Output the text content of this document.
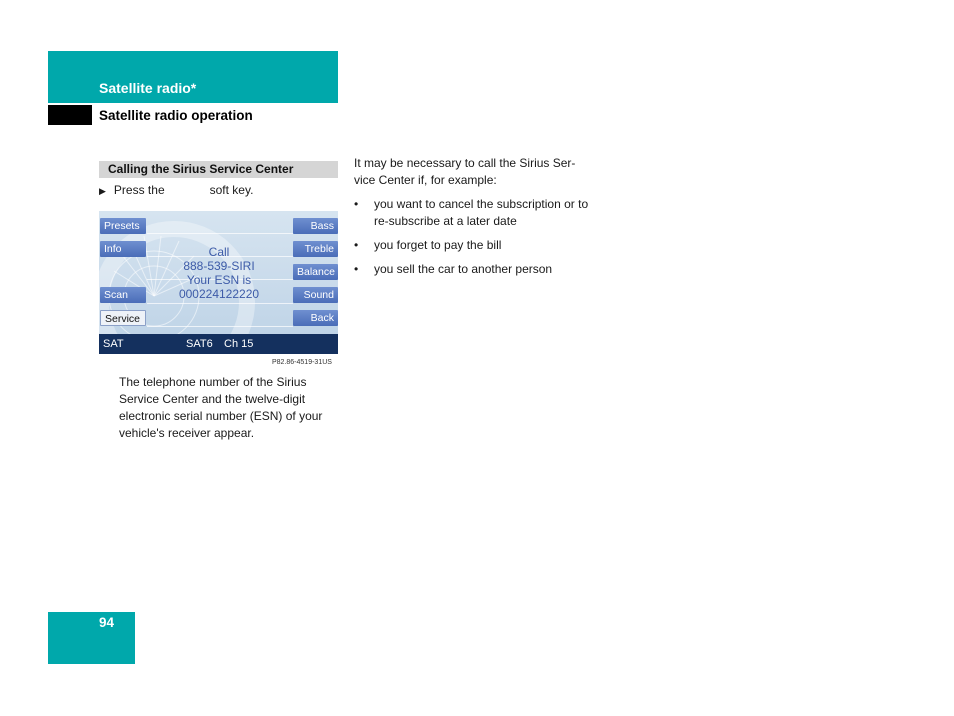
Satellite radio*
Satellite radio operation
Calling the Sirius Service Center
▶ Press the	soft key.
Presets
Info
Scan
Service
Bass
Treble
Balance
Sound
Back
Call
888-539-SIRI
Your ESN is
000224122220
SAT	SAT6 Ch 15
P82.86-4519-31US
The telephone number of the Sirius Service Center and the twelve-digit electronic serial number (ESN) of your vehicle's receiver appear.

It may be necessary to call the Sirius Ser- vice Center if, for example:

• you want to cancel the subscription or to re-subscribe at a later date
• you forget to pay the bill
• you sell the car to another person
94
